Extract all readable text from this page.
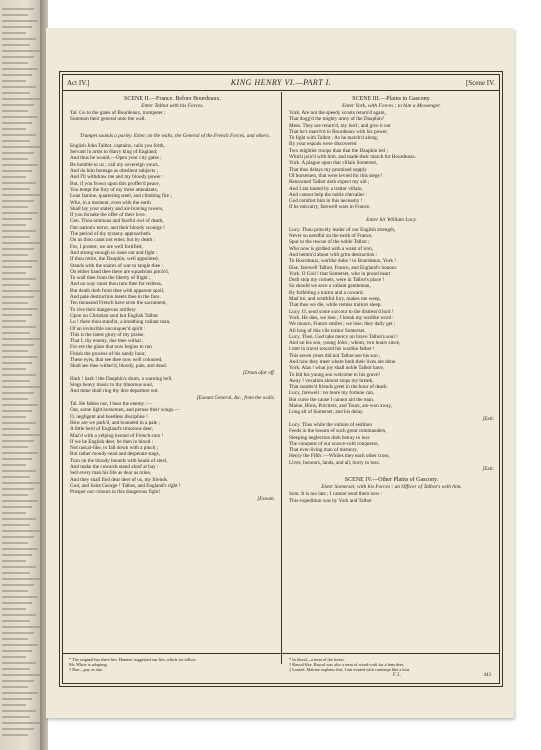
Act IV.]	KING HENRY VI.—PART I.	[Scene IV.
SCENE II.—France. Before Bourdeaux.
Enter Talbot with his Forces.
Tal. Go to the gates of Bourdeaux, trumpeter ;
Summon their general unto the wall.
Trumpet sounds a parley. Enter, on the walls, the General of the French Forces, and others.
English John Talbot, captains, calls you forth,
Servant in arms to Harry king of England;
And thus he would,—Open your city gates ;
Be humble to us ; call my sovereign yours,
And do him homage as obedient subjects ;
And I'll withdraw me and my bloody power :
But, if you frown upon this proffer'd peace,
You tempt the fury of my three attendants,
Lean famine, quartering steel, and climbing fire ;
Who, in a moment, even with the earth
Shall lay your stately and air-braving towers,
If you forsake the offer of their love.
Gen. Thou ominous and fearful owl of death,
Our nation's terror, and their bloody scourge !
The period of thy tyranny approacheth.
On us thou canst not enter, but by death :
For, I protest, we are well fortified,
And strong enough to issue out and fight :
If thou retire, the Dauphin, well appointed,
Stands with the snares of war to tangle thee :
On either hand thee there are squadrons pitch'd,
To wall thee from the liberty of flight ;
And no way canst thou turn thee for redress,
But death doth front thee with apparent spoil,
And pale destruction meets thee in the face.
Ten thousand French have ta'en the sacrament,
To rive their dangerous artillery
Upon no Christian soul but English Talbot.
Lo ! there thou stand'st, a breathing valiant man,
Of an invincible unconquer'd spirit :
This is the latest glory of thy praise,
That I, thy enemy, due thee withal ;
For ere the glass that now begins to run
Finish the process of his sandy hour,
These eyes, that see thee now well coloured,
Shall see thee wither'd, bloody, pale, and dead.
[Drum afar off.
Hark ! hark ! the Dauphin's drum, a warning bell,
Sings heavy music to thy timorous soul,
And mine shall ring thy dire departure out.
[Exeunt General, &c., from the walls.
Tal. He fables not, I hear the enemy :—
Out, some light horsemen, and peruse their wings.—
O, negligent and heedless discipline !
How are we park'd, and bounded in a pale ;
A little herd of England's timorous deer,
Maz'd with a yelping kennel of French curs !
If we be English deer, be then in blood :
Not rascal-like, to fall down with a pinch ;
But rather moody-mad and desperate stags,
Turn on the bloody hounds with heads of steel,
And make the cowards stand aloof at bay :
Sell every man his life as dear as mine,
And they shall find dear deer of us, my friends.
God, and Saint George ! Talbot, and England's right !
Prosper our colours in this dangerous fight!
[Exeunt.
SCENE III.—Plains in Gascony.
Enter York, with Forces ; to him a Messenger.
York. Are not the speedy scouts return'd again,
That dogg'd the mighty army of the Dauphin?
Mess. They are return'd, my lord ; and give it out
That he's march'd to Bourdeaux with his power,
To fight with Talbot : As he march'd along,
By your espials were discovered
Two mightier troops than that the Dauphin led ;
Which join'd with him, and made their march for Bourdeaux.
York. A plague upon that villain Somerset,
That thus delays my promised supply
Of horsemen, that were levied for this siege !
Renowned Talbot doth expect my aid ;
And I am louted by a traitor villain,
And cannot help the noble chevalier :
God comfort him in this necessity !
If he miscarry, farewell wars in France.
Enter Sir William Lucy.
Lucy. Thou princely leader of our English strength,
Never so needful on the earth of France,
Spur to the rescue of the noble Talbot ;
Who now is girdled with a waist of iron,
And hemm'd about with grim destruction :
To Bourdeaux, warlike duke ! to Bourdeaux, York !
Else, farewell Talbot, France, and England's honour.
York. O God ! that Somerset, who in proud heart
Doth stop my cornets, were in Talbot's place !
So should we save a valiant gentleman,
By forfeiting a traitor and a coward.
Mad ire, and wrathful fury, makes me weep,
That thus we die, while remiss traitors sleep.
Lucy. O, send some succour to the distress'd lord !
York. He dies, we lose ; I break my warlike word :
We mourn, France smiles ; we lose, they daily get ;
All long of this vile traitor Somerset.
Lucy. Then, God take mercy on brave Talbot's soul !
And on his son, young John ; whom, two hours since,
I met in travel toward his warlike father !
This seven years did not Talbot see his son ;
And now they meet where both their lives are done.
York. Alas ! what joy shall noble Talbot have,
To bid his young son welcome to his grave?
Away ! vexation almost stops my breath,
That sunder'd friends greet in the hour of death.
Lucy, farewell : no more my fortune can,
But curse the cause I cannot aid the man.
Maine, Blois, Poictiers, and Tours, are won away,
Long all of Somerset, and his delay.
[Exit.
Lucy. Thus while the vulture of sedition
Feeds in the bosom of such great commanders,
Sleeping neglection doth betray to loss
The conquest of our scarce-cold conqueror,
That ever-living man of memory,
Henry the Fifth :—Whiles they each other cross,
Lives, honours, lands, and all, hurry to loss.
[Exit.
SCENE IV.—Other Plains of Gascony.
Enter Somerset, with his Forces ; an Officer of Talbot's with him.
Som. It is too late ; I cannot send them now :
This expedition was by York and Talbot
* The original has there lies. Hanmer suggested our lies, which we follow.
Mr. White is adopting.
† Due—pay as due.
* In blood—a term of the forest.
† Rascal-like. Rascal was also a term of wood-craft for a lean deer.
‡ Louted. Malone explains this, I am treated with contempt like a lout.
F 2.	443
